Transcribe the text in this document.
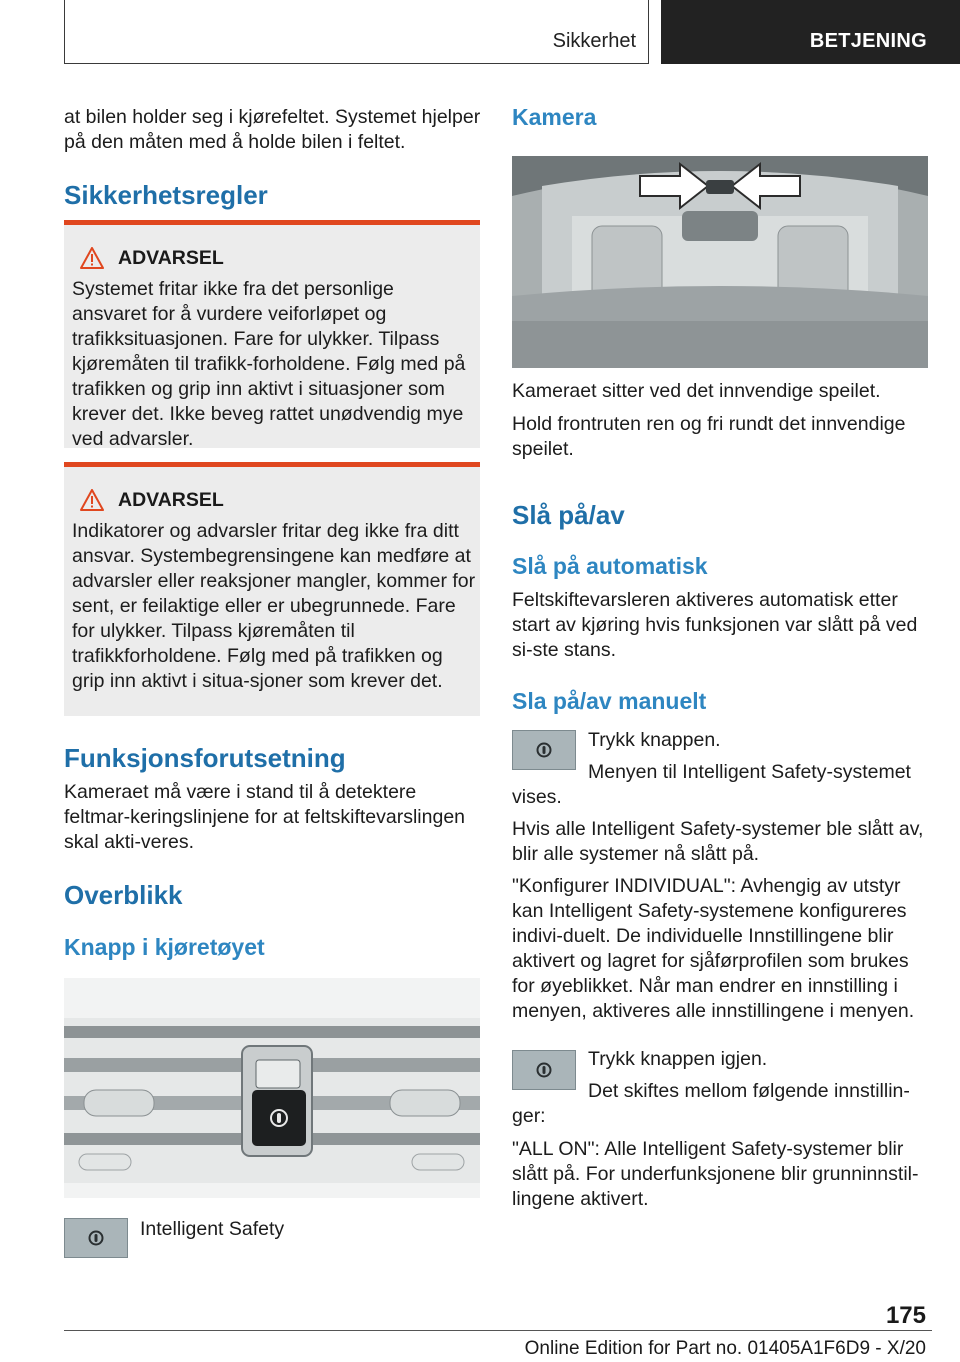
Sikkerhet	BETJENING

at bilen holder seg i kjørefeltet. Systemet hjelper på den måten med å holde bilen i feltet.

Sikkerhetsregler
ADVARSEL

Systemet fritar ikke fra det personlige ansvaret for å vurdere veiforløpet og trafikksituasjonen. Fare for ulykker. Tilpass kjøremåten til trafikk-forholdene. Følg med på trafikken og grip inn aktivt i situasjoner som krever det. Ikke beveg rattet unødvendig mye ved advarsler.

ADVARSEL

Indikatorer og advarsler fritar deg ikke fra ditt ansvar. Systembegrensingene kan medføre at advarsler eller reaksjoner mangler, kommer for sent, er feilaktige eller er ubegrunnede. Fare for ulykker. Tilpass kjøremåten til trafikkforholdene. Følg med på trafikken og grip inn aktivt i situa-sjoner som krever det.

Funksjonsforutsetning

Kameraet må være i stand til å detektere feltmar-keringslinjene for at feltskiftevarslingen skal akti-veres.

Overblikk
Knapp i kjøretøyet

Intelligent Safety

Kamera

Kameraet sitter ved det innvendige speilet.

Hold frontruten ren og fri rundt det innvendige speilet.

Slå på/av
Slå på automatisk

Feltskiftevarsleren aktiveres automatisk etter start av kjøring hvis funksjonen var slått på ved si-ste stans.

Sla på/av manuelt

Trykk knappen.

Menyen til Intelligent Safety-systemet

vises.

Hvis alle Intelligent Safety-systemer ble slått av, blir alle systemer nå slått på.

"Konfigurer INDIVIDUAL": Avhengig av utstyr kan Intelligent Safety-systemene konfigureres indivi-duelt. De individuelle Innstillingene blir aktivert og lagret for sjåførprofilen som brukes for øyeblikket. Når man endrer en innstilling i menyen, aktiveres alle innstillingene i menyen.

Trykk knappen igjen.

Det skiftes mellom følgende innstillin-

ger:

"ALL ON": Alle Intelligent Safety-systemer blir slått på. For underfunksjonene blir grunninnstil-lingene aktivert.

175
Online Edition for Part no. 01405A1F6D9 - X/20
